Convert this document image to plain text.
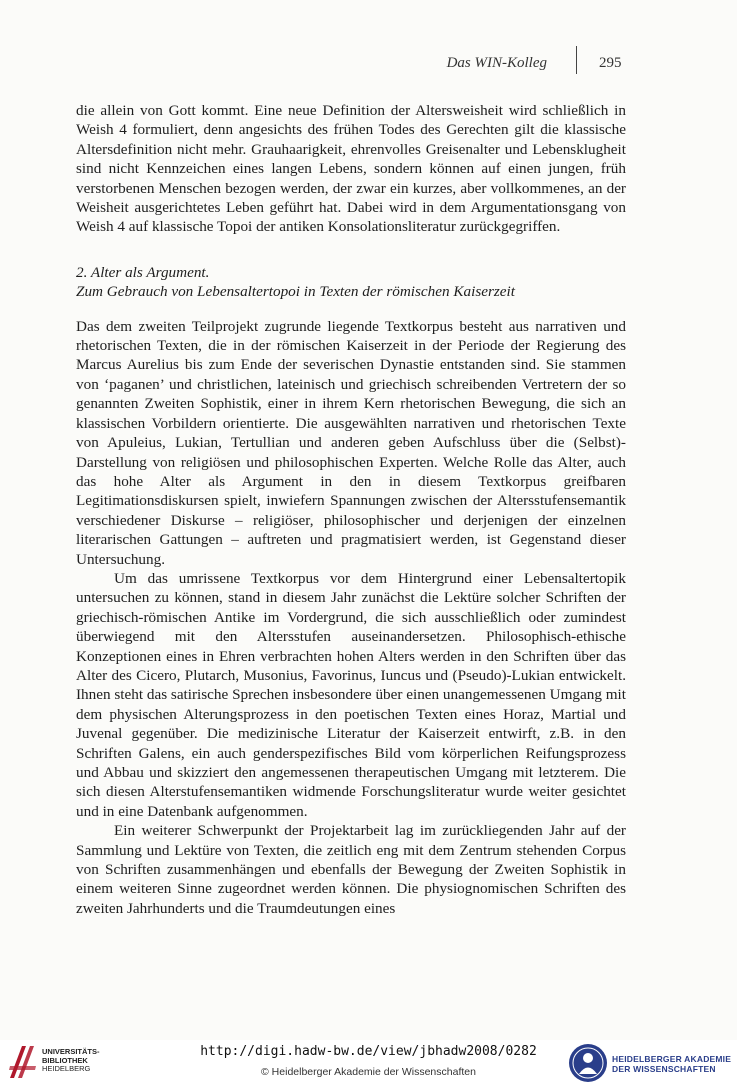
Das WIN-Kolleg	295

die allein von Gott kommt. Eine neue Definition der Altersweisheit wird schließlich in Weish 4 formuliert, denn angesichts des frühen Todes des Gerechten gilt die klassische Altersdefinition nicht mehr. Grauhaarigkeit, ehrenvolles Greisenalter und Lebensklugheit sind nicht Kennzeichen eines langen Lebens, sondern können auf einen jungen, früh verstorbenen Menschen bezogen werden, der zwar ein kurzes, aber vollkommenes, an der Weisheit ausgerichtetes Leben geführt hat. Dabei wird in dem Argumentationsgang von Weish 4 auf klassische Topoi der antiken Konsolationsliteratur zurückgegriffen.

2. Alter als Argument.
Zum Gebrauch von Lebensaltertopoi in Texten der römischen Kaiserzeit

Das dem zweiten Teilprojekt zugrunde liegende Textkorpus besteht aus narrativen und rhetorischen Texten, die in der römischen Kaiserzeit in der Periode der Regierung des Marcus Aurelius bis zum Ende der severischen Dynastie entstanden sind. Sie stammen von ‘paganen’ und christlichen, lateinisch und griechisch schreibenden Vertretern der so genannten Zweiten Sophistik, einer in ihrem Kern rhetorischen Bewegung, die sich an klassischen Vorbildern orientierte. Die ausgewählten narrativen und rhetorischen Texte von Apuleius, Lukian, Tertullian und anderen geben Aufschluss über die (Selbst)-Darstellung von religiösen und philosophischen Experten. Welche Rolle das Alter, auch das hohe Alter als Argument in den in diesem Textkorpus greifbaren Legitimationsdiskursen spielt, inwiefern Spannungen zwischen der Altersstufensemantik verschiedener Diskurse – religiöser, philosophischer und derjenigen der einzelnen literarischen Gattungen – auftreten und pragmatisiert werden, ist Gegenstand dieser Untersuchung.

Um das umrissene Textkorpus vor dem Hintergrund einer Lebensaltertopik untersuchen zu können, stand in diesem Jahr zunächst die Lektüre solcher Schriften der griechisch-römischen Antike im Vordergrund, die sich ausschließlich oder zumindest überwiegend mit den Altersstufen auseinandersetzen. Philosophisch-ethische Konzeptionen eines in Ehren verbrachten hohen Alters werden in den Schriften über das Alter des Cicero, Plutarch, Musonius, Favorinus, Iuncus und (Pseudo)-Lukian entwickelt. Ihnen steht das satirische Sprechen insbesondere über einen unangemessenen Umgang mit dem physischen Alterungsprozess in den poetischen Texten eines Horaz, Martial und Juvenal gegenüber. Die medizinische Literatur der Kaiserzeit entwirft, z.B. in den Schriften Galens, ein auch genderspezifisches Bild vom körperlichen Reifungsprozess und Abbau und skizziert den angemessenen therapeutischen Umgang mit letzterem. Die sich diesen Alterstufensemantiken widmende Forschungsliteratur wurde weiter gesichtet und in eine Datenbank aufgenommen.

Ein weiterer Schwerpunkt der Projektarbeit lag im zurückliegenden Jahr auf der Sammlung und Lektüre von Texten, die zeitlich eng mit dem Zentrum stehenden Corpus von Schriften zusammenhängen und ebenfalls der Bewegung der Zweiten Sophistik in einem weiteren Sinne zugeordnet werden können. Die physiognomischen Schriften des zweiten Jahrhunderts und die Traumdeutungen eines

UNIVERSITÄTS-
BIBLIOTHEK
HEIDELBERG
http://digi.hadw-bw.de/view/jbhadw2008/0282
© Heidelberger Akademie der Wissenschaften
HEIDELBERGER AKADEMIE
DER WISSENSCHAFTEN
